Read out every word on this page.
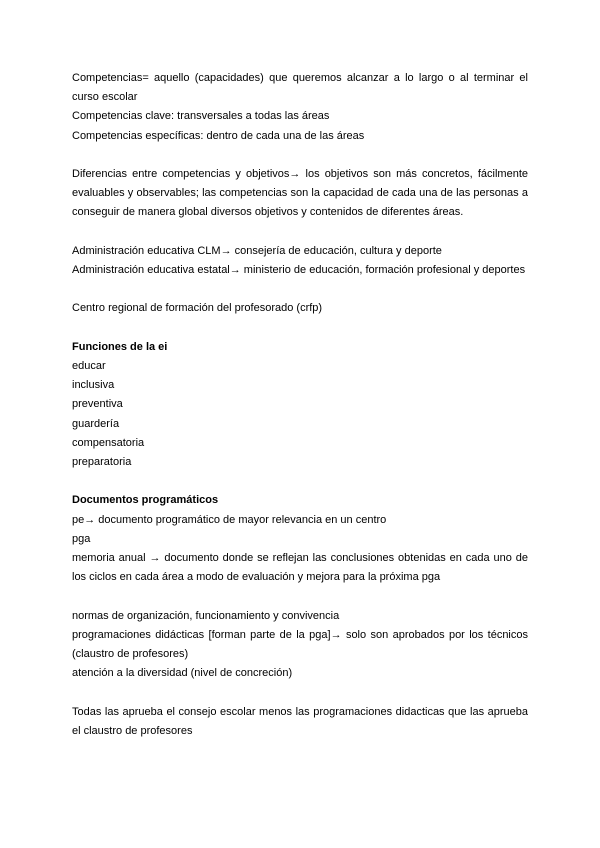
Competencias= aquello (capacidades) que queremos alcanzar a lo largo o al terminar el curso escolar

Competencias clave: transversales a todas las áreas

Competencias específicas: dentro de cada una de las áreas

Diferencias entre competencias y objetivos→ los objetivos son más concretos, fácilmente evaluables y observables; las competencias son la capacidad de cada una de las personas a conseguir de manera global diversos objetivos y contenidos de diferentes áreas.

Administración educativa CLM→ consejería de educación, cultura y deporte

Administración educativa estatal→ ministerio de educación, formación profesional y deportes

Centro regional de formación del profesorado (crfp)

Funciones de la ei

educar

inclusiva

preventiva

guardería

compensatoria

preparatoria

Documentos programáticos

pe→ documento programático de mayor relevancia en un centro

pga

memoria anual → documento donde se reflejan las conclusiones obtenidas en cada uno de los ciclos en cada área a modo de evaluación y mejora para la próxima pga

normas de organización, funcionamiento y convivencia

programaciones didácticas [forman parte de la pga]→ solo son aprobados por los técnicos (claustro de profesores)

atención a la diversidad (nivel de concreción)

Todas las aprueba el consejo escolar menos las programaciones didacticas que las aprueba el claustro de profesores
